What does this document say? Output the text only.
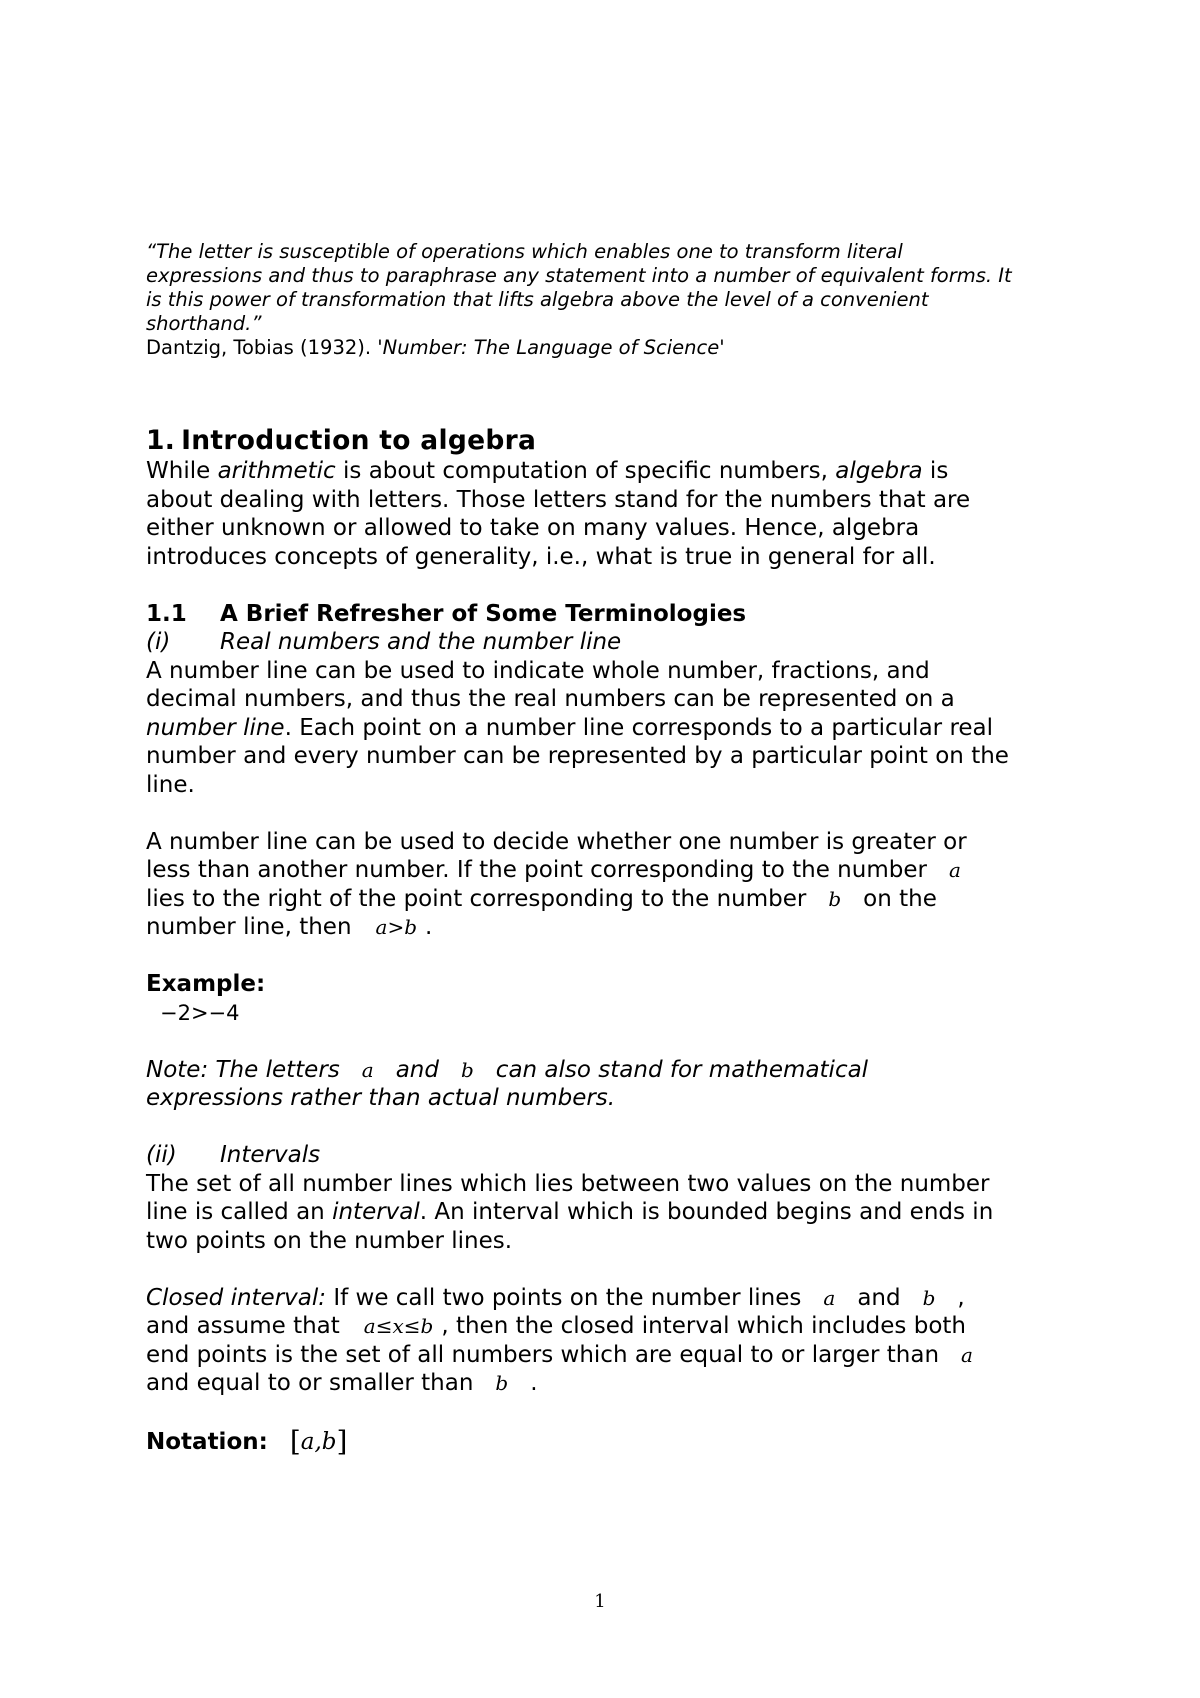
“The letter is susceptible of operations which enables one to transform literal

expressions and thus to paraphrase any statement into a number of equivalent forms. It

is this power of transformation that lifts algebra above the level of a convenient

shorthand.”

Dantzig, Tobias (1932). 'Number: The Language of Science'

1. Introduction to algebra

While arithmetic is about computation of specific numbers, algebra is

about dealing with letters. Those letters stand for the numbers that are

either unknown or allowed to take on many values. Hence, algebra

introduces concepts of generality, i.e., what is true in general for all.

1.1 A Brief Refresher of Some Terminologies

(i) Real numbers and the number line

A number line can be used to indicate whole number, fractions, and

decimal numbers, and thus the real numbers can be represented on a

number line. Each point on a number line corresponds to a particular real

number and every number can be represented by a particular point on the

line.

A number line can be used to decide whether one number is greater or

less than another number. If the point corresponding to the number a

lies to the right of the point corresponding to the number b on the

number line, then a>b .

Example:

−2>−4

Note: The letters a and b can also stand for mathematical

expressions rather than actual numbers.

(ii) Intervals

The set of all number lines which lies between two values on the number

line is called an interval. An interval which is bounded begins and ends in

two points on the number lines.

Closed interval: If we call two points on the number lines a and b ,

and assume that a≤x≤b , then the closed interval which includes both

end points is the set of all numbers which are equal to or larger than a

and equal to or smaller than b .

Notation: [a,b]

1
